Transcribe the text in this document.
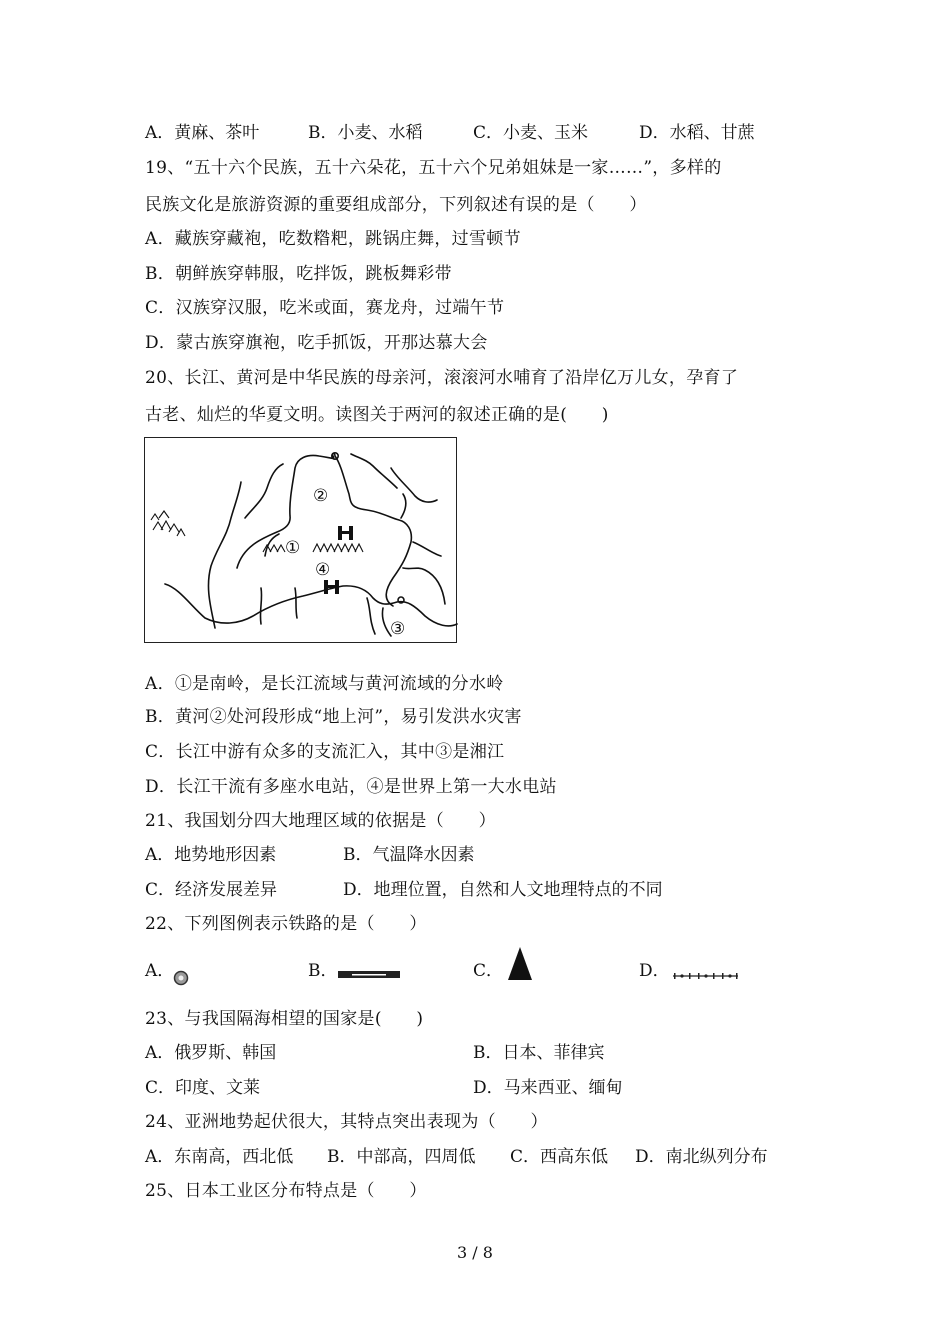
A．黄麻、茶叶	B．小麦、水稻	C．小麦、玉米	D．水稻、甘蔗
19、“五十六个民族，五十六朵花，五十六个兄弟姐妹是一家……”，多样的
民族文化是旅游资源的重要组成部分，下列叙述有误的是（　　）
A．藏族穿藏袍，吃数糌粑，跳锅庄舞，过雪顿节
B．朝鲜族穿韩服，吃拌饭，跳板舞彩带
C．汉族穿汉服，吃米或面，赛龙舟，过端午节
D．蒙古族穿旗袍，吃手抓饭，开那达慕大会
20、长江、黄河是中华民族的母亲河，滚滚河水哺育了沿岸亿万儿女，孕育了
古老、灿烂的华夏文明。读图关于两河的叙述正确的是(　　)
①
②
③
④
A．①是南岭，是长江流域与黄河流域的分水岭
B．黄河②处河段形成“地上河”，易引发洪水灾害
C．长江中游有众多的支流汇入，其中③是湘江
D．长江干流有多座水电站，④是世界上第一大水电站
21、我国划分四大地理区域的依据是（　　）
A．地势地形因素	B．气温降水因素
C．经济发展差异	D．地理位置，自然和人文地理特点的不同
22、下列图例表示铁路的是（　　）
A．	B．	C．	D．
23、与我国隔海相望的国家是(　　)
A．俄罗斯、韩国	B．日本、菲律宾
C．印度、文莱	D．马来西亚、缅甸
24、亚洲地势起伏很大，其特点突出表现为（　　）
A．东南高，西北低 B．中部高，四周低 C．西高东低 D．南北纵列分布
25、日本工业区分布特点是（　　）
3 / 8
